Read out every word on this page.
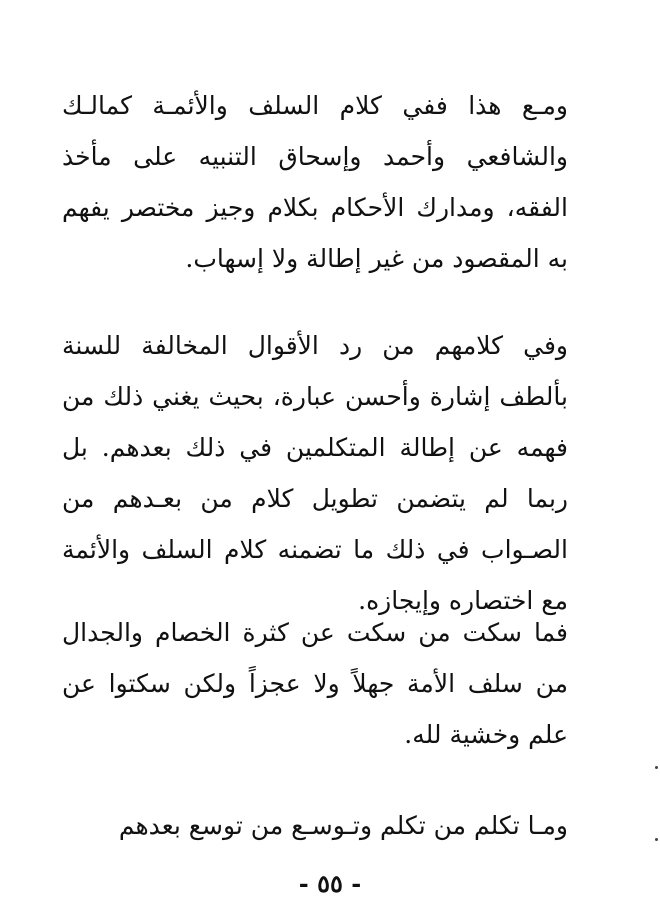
ومـع هذا ففي كلام السلف والأئمـة كمالـك والشافعي وأحمد وإسحاق التنبيه على مأخذ الفقه، ومدارك الأحكام بكلام وجيز مختصر يفهم به المقصود من غير إطالة ولا إسهاب.

وفي كلامهم من رد الأقوال المخالفة للسنة بألطف إشارة وأحسن عبارة، بحيث يغني ذلك من فهمه عن إطالة المتكلمين في ذلك بعدهم. بل ربما لم يتضمن تطويل كلام من بعـدهم من الصـواب في ذلك ما تضمنه كلام السلف والأئمة مع اختصاره وإيجازه.

فما سكت من سكت عن كثرة الخصام والجدال من سلف الأمة جهلاً ولا عجزاً ولكن سكتوا عن علم وخشية لله.

ومـا تكلم من تكلم وتـوسـع من توسع بعدهم

- ٥٥ -
